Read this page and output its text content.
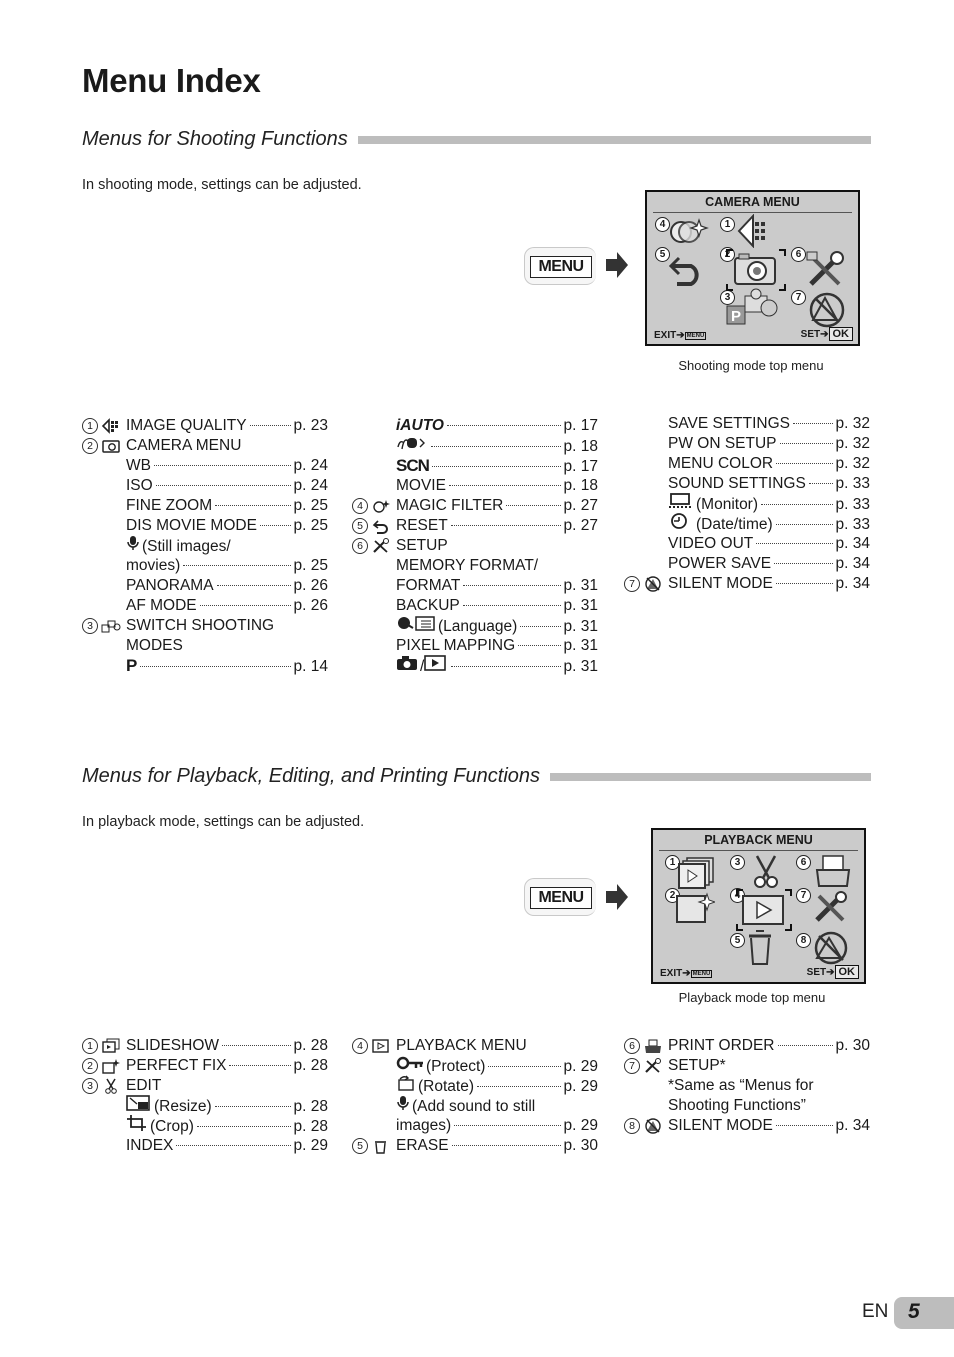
Menu Index
Menus for Shooting Functions
In shooting mode, settings can be adjusted.
MENU
CAMERA MENU
4	1
5	2	6
3	7
P
EXIT➔ MENU	SET➔ OK
Shooting mode top menu
1	IMAGE QUALITY	p. 23
2	CAMERA MENU
WB	p. 24
ISO	p. 24
FINE ZOOM	p. 25
DIS MOVIE MODE p. 25
(Still images/
movies)	p. 25
PANORAMA	p. 26
AF MODE	p. 26
3	SWITCH SHOOTING
MODES
P	p. 14
iAUTO	p. 17
p. 18
SCN	p. 17
MOVIE	p. 18
4	MAGIC FILTER	p. 27
5	RESET	p. 27
6	SETUP
MEMORY FORMAT/
FORMAT	p. 31
BACKUP	p. 31
(Language)	p. 31
PIXEL MAPPING	p. 31
/	p. 31
SAVE SETTINGS	p. 32
PW ON SETUP	p. 32
MENU COLOR	p. 32
SOUND SETTINGS p. 33
(Monitor)	p. 33
(Date/time)	p. 33
VIDEO OUT	p. 34
POWER SAVE	p. 34
7	SILENT MODE	p. 34
Menus for Playback, Editing, and Printing Functions
In playback mode, settings can be adjusted.
MENU
PLAYBACK MENU
1	3	6
2	4	7
5	8
EXIT➔ MENU	SET➔ OK
Playback mode top menu
1	SLIDESHOW	p. 28
2	PERFECT FIX	p. 28
3	EDIT
(Resize)	p. 28
(Crop)	p. 28
INDEX	p. 29
4	PLAYBACK MENU
(Protect)	p. 29
(Rotate)	p. 29
(Add sound to still
images)	p. 29
5	ERASE	p. 30
6	PRINT ORDER	p. 30
7	SETUP*
*Same as “Menus for
Shooting Functions”
8	SILENT MODE	p. 34
EN 5
